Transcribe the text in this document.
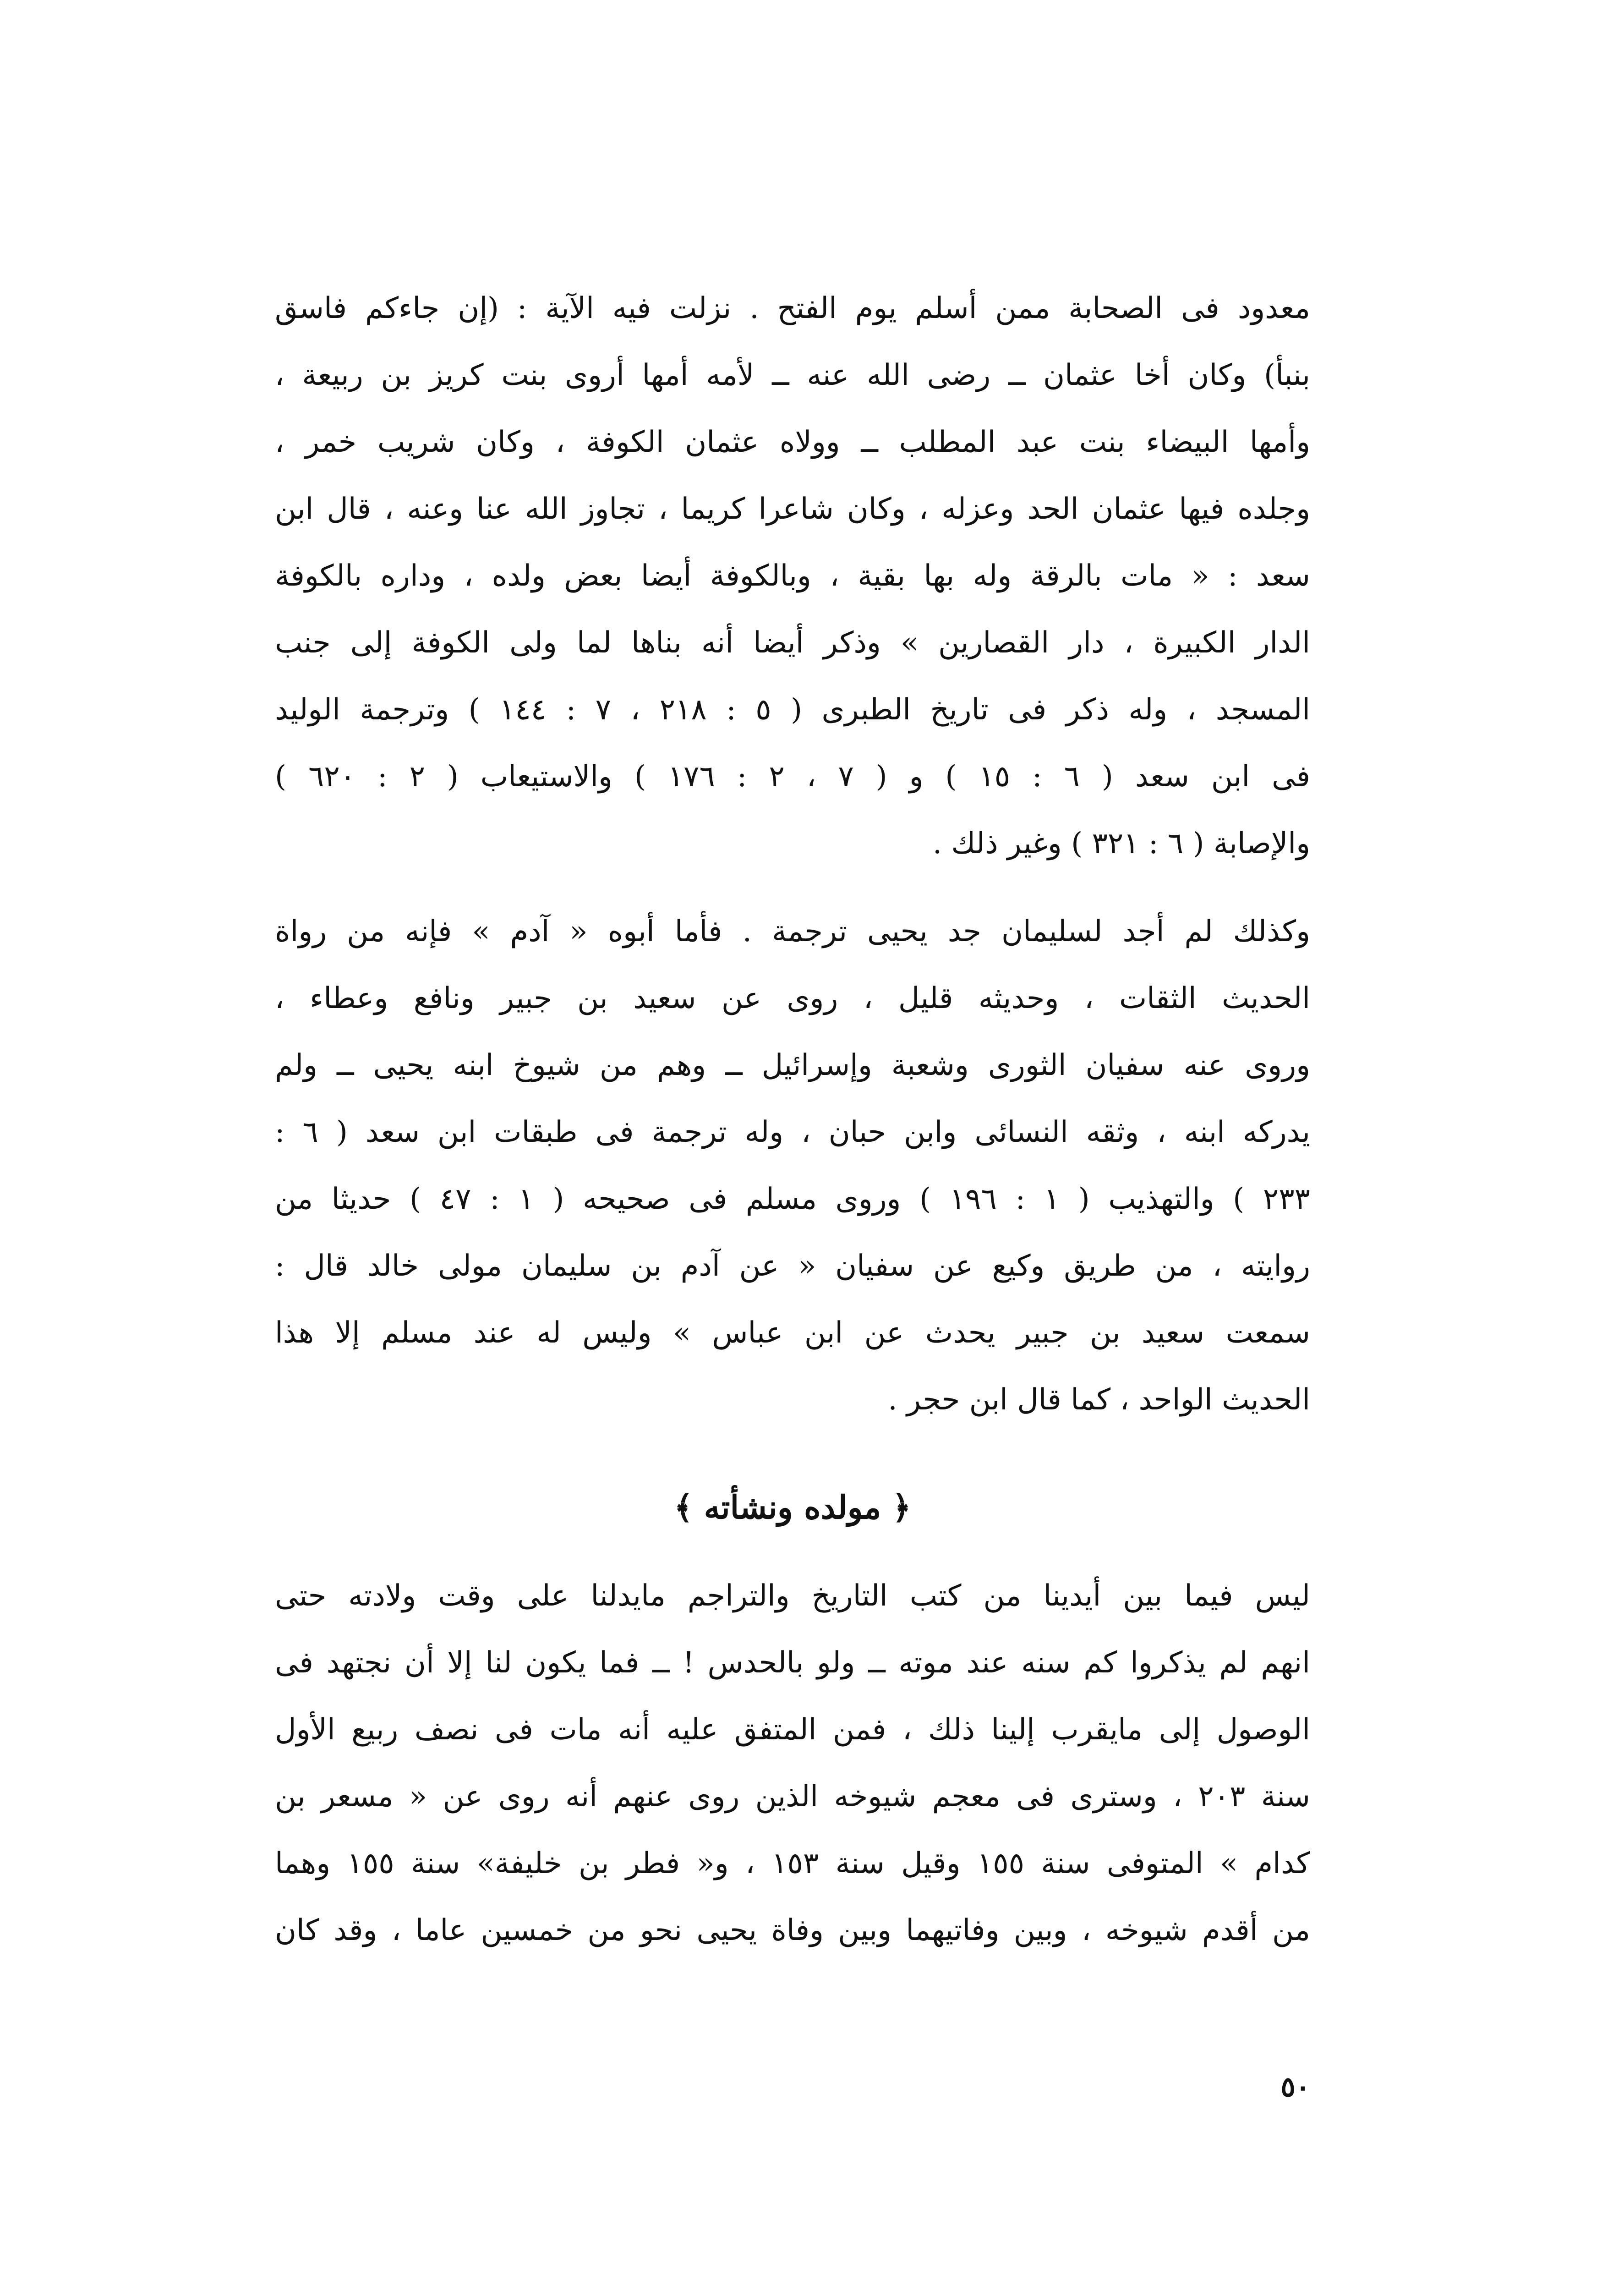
معدود فى الصحابة ممن أسلم يوم الفتح . نزلت فيه الآية : (إن جاءكم فاسق
بنبأ) وكان أخا عثمان ــ رضى الله عنه ــ لأمه أمها أروى بنت كريز بن ربيعة ،
وأمها البيضاء بنت عبد المطلب ــ وولاه عثمان الكوفة ، وكان شريب خمر ،
وجلده فيها عثمان الحد وعزله ، وكان شاعرا كريما ، تجاوز الله عنا وعنه ، قال ابن
سعد : « مات بالرقة وله بها بقية ، وبالكوفة أيضا بعض ولده ، وداره بالكوفة
الدار الكبيرة ، دار القصارين » وذكر أيضا أنه بناها لما ولى الكوفة إلى جنب
المسجد ، وله ذكر فى تاريخ الطبرى ( ٥ : ٢١٨ ، ٧ : ١٤٤ ) وترجمة الوليد
فى ابن سعد ( ٦ : ١٥ ) و ( ٧ ، ٢ : ١٧٦ ) والاستيعاب ( ٢ : ٦٢٠ )
والإصابة ( ٦ : ٣٢١ ) وغير ذلك .
وكذلك لم أجد لسليمان جد يحيى ترجمة . فأما أبوه « آدم » فإنه من رواة
الحديث الثقات ، وحديثه قليل ، روى عن سعيد بن جبير ونافع وعطاء ،
وروى عنه سفيان الثورى وشعبة وإسرائيل ــ وهم من شيوخ ابنه يحيى ــ ولم
يدركه ابنه ، وثقه النسائى وابن حبان ، وله ترجمة فى طبقات ابن سعد ( ٦ :
٢٣٣ ) والتهذيب ( ١ : ١٩٦ ) وروى مسلم فى صحيحه ( ١ : ٤٧ ) حديثا من
روايته ، من طريق وكيع عن سفيان « عن آدم بن سليمان مولى خالد قال :
سمعت سعيد بن جبير يحدث عن ابن عباس » وليس له عند مسلم إلا هذا
الحديث الواحد ، كما قال ابن حجر .
﴿ مولده ونشأته ﴾
ليس فيما بين أيدينا من كتب التاريخ والتراجم مايدلنا على وقت ولادته حتى
انهم لم يذكروا كم سنه عند موته ــ ولو بالحدس ! ــ فما يكون لنا إلا أن نجتهد فى
الوصول إلى مايقرب إلينا ذلك ، فمن المتفق عليه أنه مات فى نصف ربيع الأول
سنة ٢٠٣ ، وسترى فى معجم شيوخه الذين روى عنهم أنه روى عن « مسعر بن
كدام » المتوفى سنة ١٥٥ وقيل سنة ١٥٣ ، و« فطر بن خليفة» سنة ١٥٥ وهما
من أقدم شيوخه ، وبين وفاتيهما وبين وفاة يحيى نحو من خمسين عاما ، وقد كان
٥٠
